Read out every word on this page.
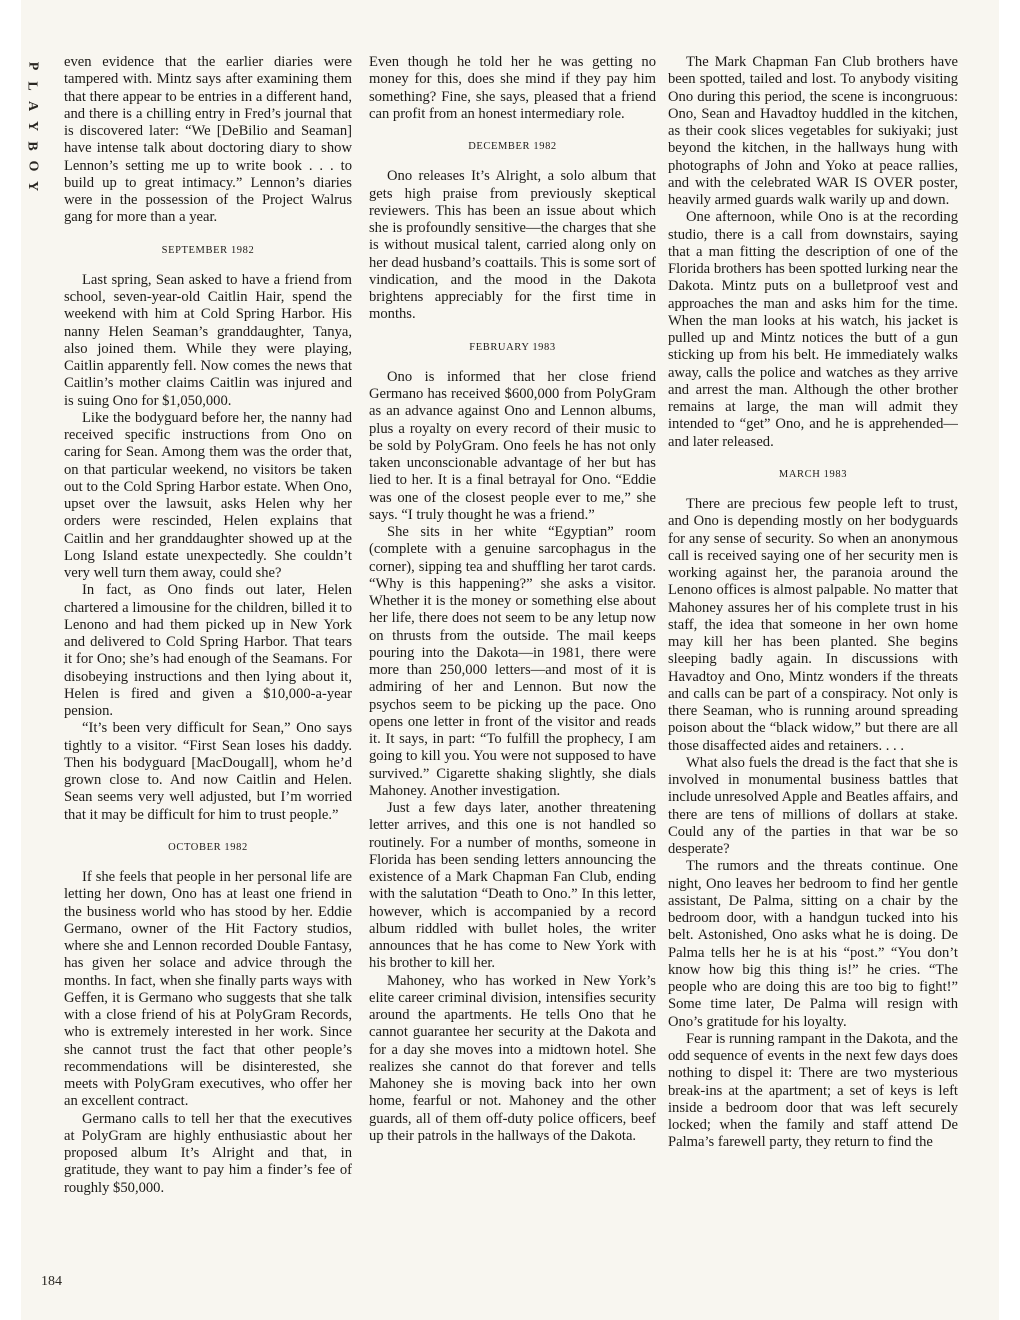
P
L
A
Y
B
O
Y

even evidence that the earlier diaries were tampered with. Mintz says after examining them that there appear to be entries in a different hand, and there is a chilling entry in Fred’s journal that is discovered later: “We [DeBilio and Seaman] have intense talk about doctoring diary to show Lennon’s setting me up to write book . . . to build up to great intimacy.” Lennon’s diaries were in the possession of the Project Walrus gang for more than a year.

SEPTEMBER 1982

Last spring, Sean asked to have a friend from school, seven-year-old Caitlin Hair, spend the weekend with him at Cold Spring Harbor. His nanny Helen Seaman’s granddaughter, Tanya, also joined them. While they were playing, Caitlin apparently fell. Now comes the news that Caitlin’s mother claims Caitlin was injured and is suing Ono for $1,050,000.

Like the bodyguard before her, the nanny had received specific instructions from Ono on caring for Sean. Among them was the order that, on that particular weekend, no visitors be taken out to the Cold Spring Harbor estate. When Ono, upset over the lawsuit, asks Helen why her orders were rescinded, Helen explains that Caitlin and her granddaughter showed up at the Long Island estate unexpectedly. She couldn’t very well turn them away, could she?

In fact, as Ono finds out later, Helen chartered a limousine for the children, billed it to Lenono and had them picked up in New York and delivered to Cold Spring Harbor. That tears it for Ono; she’s had enough of the Seamans. For disobeying instructions and then lying about it, Helen is fired and given a $10,000-a-year pension.

“It’s been very difficult for Sean,” Ono says tightly to a visitor. “First Sean loses his daddy. Then his bodyguard [MacDougall], whom he’d grown close to. And now Caitlin and Helen. Sean seems very well adjusted, but I’m worried that it may be difficult for him to trust people.”

OCTOBER 1982

If she feels that people in her personal life are letting her down, Ono has at least one friend in the business world who has stood by her. Eddie Germano, owner of the Hit Factory studios, where she and Lennon recorded Double Fantasy, has given her solace and advice through the months. In fact, when she finally parts ways with Geffen, it is Germano who suggests that she talk with a close friend of his at PolyGram Records, who is extremely interested in her work. Since she cannot trust the fact that other people’s recommendations will be disinterested, she meets with PolyGram executives, who offer her an excellent contract.

Germano calls to tell her that the executives at PolyGram are highly enthusiastic about her proposed album It’s Alright and that, in gratitude, they want to pay him a finder’s fee of roughly $50,000.

Even though he told her he was getting no money for this, does she mind if they pay him something? Fine, she says, pleased that a friend can profit from an honest intermediary role.

DECEMBER 1982

Ono releases It’s Alright, a solo album that gets high praise from previously skeptical reviewers. This has been an issue about which she is profoundly sensitive—the charges that she is without musical talent, carried along only on her dead husband’s coattails. This is some sort of vindication, and the mood in the Dakota brightens appreciably for the first time in months.

FEBRUARY 1983

Ono is informed that her close friend Germano has received $600,000 from PolyGram as an advance against Ono and Lennon albums, plus a royalty on every record of their music to be sold by PolyGram. Ono feels he has not only taken unconscionable advantage of her but has lied to her. It is a final betrayal for Ono. “Eddie was one of the closest people ever to me,” she says. “I truly thought he was a friend.”

She sits in her white “Egyptian” room (complete with a genuine sarcophagus in the corner), sipping tea and shuffling her tarot cards. “Why is this happening?” she asks a visitor. Whether it is the money or something else about her life, there does not seem to be any letup now on thrusts from the outside. The mail keeps pouring into the Dakota—in 1981, there were more than 250,000 letters—and most of it is admiring of her and Lennon. But now the psychos seem to be picking up the pace. Ono opens one letter in front of the visitor and reads it. It says, in part: “To fulfill the prophecy, I am going to kill you. You were not supposed to have survived.” Cigarette shaking slightly, she dials Mahoney. Another investigation.

Just a few days later, another threatening letter arrives, and this one is not handled so routinely. For a number of months, someone in Florida has been sending letters announcing the existence of a Mark Chapman Fan Club, ending with the salutation “Death to Ono.” In this letter, however, which is accompanied by a record album riddled with bullet holes, the writer announces that he has come to New York with his brother to kill her.

Mahoney, who has worked in New York’s elite career criminal division, intensifies security around the apartments. He tells Ono that he cannot guarantee her security at the Dakota and for a day she moves into a midtown hotel. She realizes she cannot do that forever and tells Mahoney she is moving back into her own home, fearful or not. Mahoney and the other guards, all of them off-duty police officers, beef up their patrols in the hallways of the Dakota.

The Mark Chapman Fan Club brothers have been spotted, tailed and lost. To anybody visiting Ono during this period, the scene is incongruous: Ono, Sean and Havadtoy huddled in the kitchen, as their cook slices vegetables for sukiyaki; just beyond the kitchen, in the hallways hung with photographs of John and Yoko at peace rallies, and with the celebrated WAR IS OVER poster, heavily armed guards walk warily up and down.

One afternoon, while Ono is at the recording studio, there is a call from downstairs, saying that a man fitting the description of one of the Florida brothers has been spotted lurking near the Dakota. Mintz puts on a bulletproof vest and approaches the man and asks him for the time. When the man looks at his watch, his jacket is pulled up and Mintz notices the butt of a gun sticking up from his belt. He immediately walks away, calls the police and watches as they arrive and arrest the man. Although the other brother remains at large, the man will admit they intended to “get” Ono, and he is apprehended—and later released.

MARCH 1983

There are precious few people left to trust, and Ono is depending mostly on her bodyguards for any sense of security. So when an anonymous call is received saying one of her security men is working against her, the paranoia around the Lenono offices is almost palpable. No matter that Mahoney assures her of his complete trust in his staff, the idea that someone in her own home may kill her has been planted. She begins sleeping badly again. In discussions with Havadtoy and Ono, Mintz wonders if the threats and calls can be part of a conspiracy. Not only is there Seaman, who is running around spreading poison about the “black widow,” but there are all those disaffected aides and retainers. . . .

What also fuels the dread is the fact that she is involved in monumental business battles that include unresolved Apple and Beatles affairs, and there are tens of millions of dollars at stake. Could any of the parties in that war be so desperate?

The rumors and the threats continue. One night, Ono leaves her bedroom to find her gentle assistant, De Palma, sitting on a chair by the bedroom door, with a handgun tucked into his belt. Astonished, Ono asks what he is doing. De Palma tells her he is at his “post.” “You don’t know how big this thing is!” he cries. “The people who are doing this are too big to fight!” Some time later, De Palma will resign with Ono’s gratitude for his loyalty.

Fear is running rampant in the Dakota, and the odd sequence of events in the next few days does nothing to dispel it: There are two mysterious break-ins at the apartment; a set of keys is left inside a bedroom door that was left securely locked; when the family and staff attend De Palma’s farewell party, they return to find the

184
